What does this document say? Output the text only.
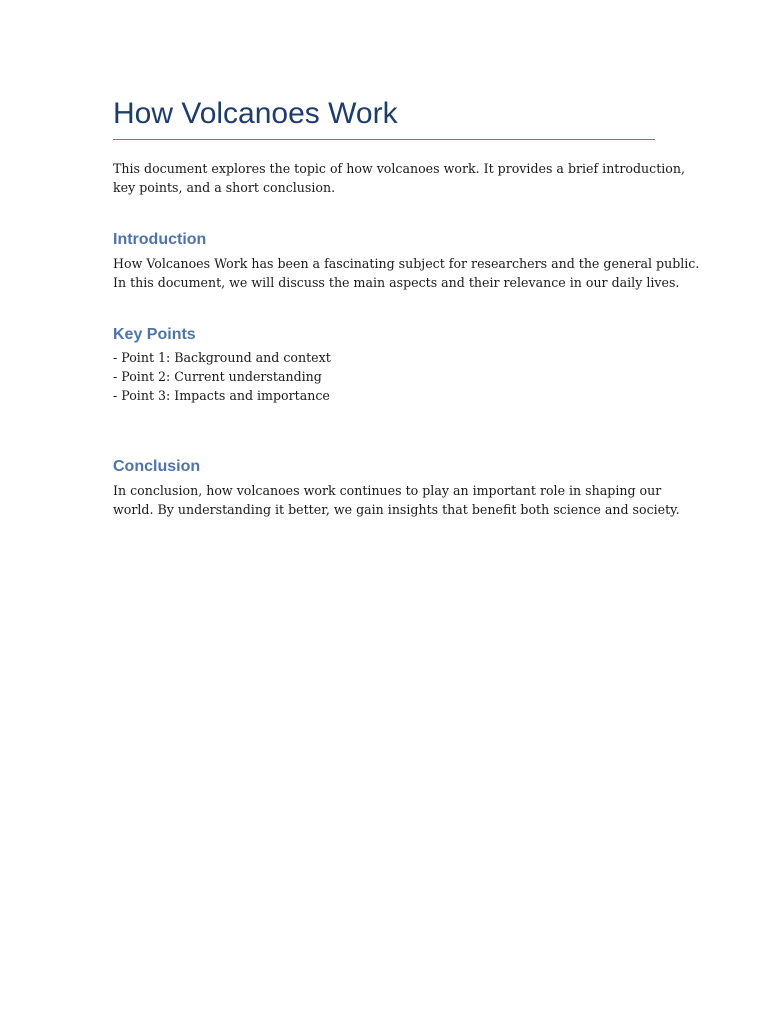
How Volcanoes Work

This document explores the topic of how volcanoes work. It provides a brief introduction,
key points, and a short conclusion.

Introduction

How Volcanoes Work has been a fascinating subject for researchers and the general public.
In this document, we will discuss the main aspects and their relevance in our daily lives.

Key Points
- Point 1: Background and context
- Point 2: Current understanding
- Point 3: Impacts and importance
Conclusion

In conclusion, how volcanoes work continues to play an important role in shaping our
world. By understanding it better, we gain insights that benefit both science and society.
